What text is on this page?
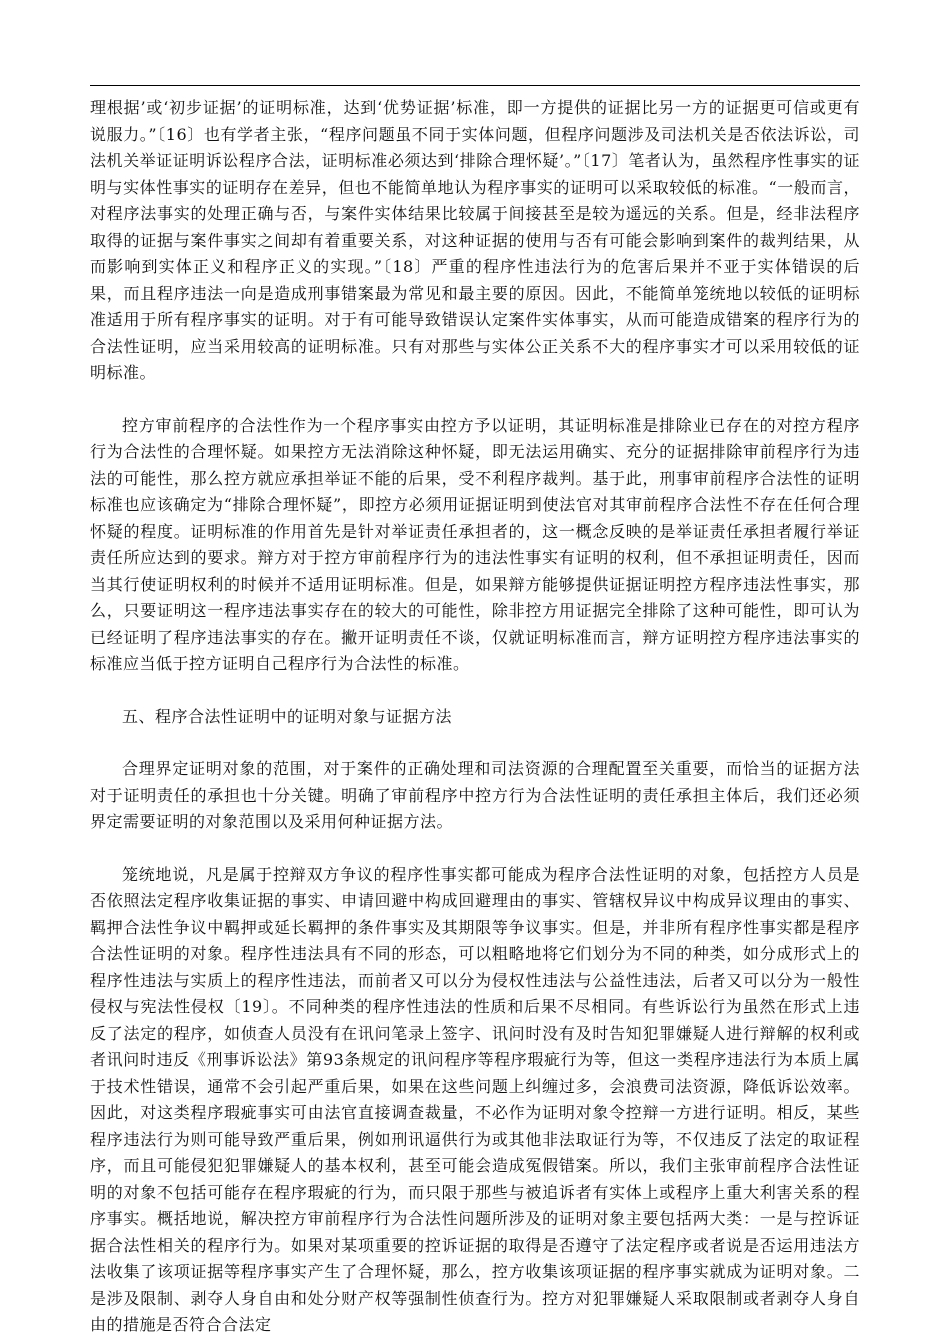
理根据’或‘初步证据’的证明标准，达到‘优势证据’标准，即一方提供的证据比另一方的证据更可信或更有说服力。”〔16〕也有学者主张，“程序问题虽不同于实体问题，但程序问题涉及司法机关是否依法诉讼，司法机关举证证明诉讼程序合法，证明标准必须达到‘排除合理怀疑’。”〔17〕笔者认为，虽然程序性事实的证明与实体性事实的证明存在差异，但也不能简单地认为程序事实的证明可以采取较低的标准。“一般而言，对程序法事实的处理正确与否，与案件实体结果比较属于间接甚至是较为遥远的关系。但是，经非法程序取得的证据与案件事实之间却有着重要关系，对这种证据的使用与否有可能会影响到案件的裁判结果，从而影响到实体正义和程序正义的实现。”〔18〕严重的程序性违法行为的危害后果并不亚于实体错误的后果，而且程序违法一向是造成刑事错案最为常见和最主要的原因。因此，不能简单笼统地以较低的证明标准适用于所有程序事实的证明。对于有可能导致错误认定案件实体事实，从而可能造成错案的程序行为的合法性证明，应当采用较高的证明标准。只有对那些与实体公正关系不大的程序事实才可以采用较低的证明标准。

控方审前程序的合法性作为一个程序事实由控方予以证明，其证明标准是排除业已存在的对控方程序行为合法性的合理怀疑。如果控方无法消除这种怀疑，即无法运用确实、充分的证据排除审前程序行为违法的可能性，那么控方就应承担举证不能的后果，受不利程序裁判。基于此，刑事审前程序合法性的证明标准也应该确定为“排除合理怀疑”，即控方必须用证据证明到使法官对其审前程序合法性不存在任何合理怀疑的程度。证明标准的作用首先是针对举证责任承担者的，这一概念反映的是举证责任承担者履行举证责任所应达到的要求。辩方对于控方审前程序行为的违法性事实有证明的权利，但不承担证明责任，因而当其行使证明权利的时候并不适用证明标准。但是，如果辩方能够提供证据证明控方程序违法性事实，那么，只要证明这一程序违法事实存在的较大的可能性，除非控方用证据完全排除了这种可能性，即可认为已经证明了程序违法事实的存在。撇开证明责任不谈，仅就证明标准而言，辩方证明控方程序违法事实的标准应当低于控方证明自己程序行为合法性的标准。

五、程序合法性证明中的证明对象与证据方法

合理界定证明对象的范围，对于案件的正确处理和司法资源的合理配置至关重要，而恰当的证据方法对于证明责任的承担也十分关键。明确了审前程序中控方行为合法性证明的责任承担主体后，我们还必须界定需要证明的对象范围以及采用何种证据方法。

笼统地说，凡是属于控辩双方争议的程序性事实都可能成为程序合法性证明的对象，包括控方人员是否依照法定程序收集证据的事实、申请回避中构成回避理由的事实、管辖权异议中构成异议理由的事实、羁押合法性争议中羁押或延长羁押的条件事实及其期限等争议事实。但是，并非所有程序性事实都是程序合法性证明的对象。程序性违法具有不同的形态，可以粗略地将它们划分为不同的种类，如分成形式上的程序性违法与实质上的程序性违法，而前者又可以分为侵权性违法与公益性违法，后者又可以分为一般性侵权与宪法性侵权〔19〕。不同种类的程序性违法的性质和后果不尽相同。有些诉讼行为虽然在形式上违反了法定的程序，如侦查人员没有在讯问笔录上签字、讯问时没有及时告知犯罪嫌疑人进行辩解的权利或者讯问时违反《刑事诉讼法》第93条规定的讯问程序等程序瑕疵行为等，但这一类程序违法行为本质上属于技术性错误，通常不会引起严重后果，如果在这些问题上纠缠过多，会浪费司法资源，降低诉讼效率。因此，对这类程序瑕疵事实可由法官直接调查裁量，不必作为证明对象令控辩一方进行证明。相反，某些程序违法行为则可能导致严重后果，例如刑讯逼供行为或其他非法取证行为等，不仅违反了法定的取证程序，而且可能侵犯犯罪嫌疑人的基本权利，甚至可能会造成冤假错案。所以，我们主张审前程序合法性证明的对象不包括可能存在程序瑕疵的行为，而只限于那些与被追诉者有实体上或程序上重大利害关系的程序事实。概括地说，解决控方审前程序行为合法性问题所涉及的证明对象主要包括两大类：一是与控诉证据合法性相关的程序行为。如果对某项重要的控诉证据的取得是否遵守了法定程序或者说是否运用违法方法收集了该项证据等程序事实产生了合理怀疑，那么，控方收集该项证据的程序事实就成为证明对象。二是涉及限制、剥夺人身自由和处分财产权等强制性侦查行为。控方对犯罪嫌疑人采取限制或者剥夺人身自由的措施是否符合合法定
